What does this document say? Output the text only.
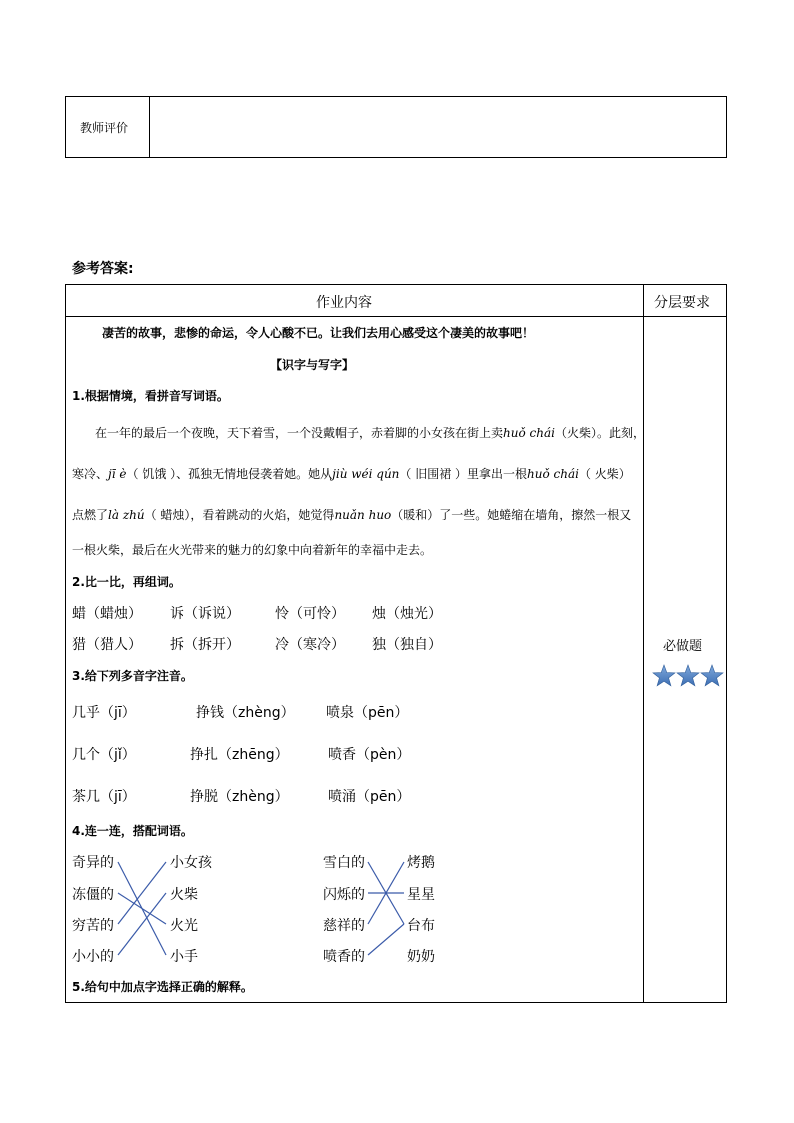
教师评价
参考答案:
作业内容	分层要求
凄苦的故事，悲惨的命运，令人心酸不已。让我们去用心感受这个凄美的故事吧！
【识字与写字】
1.根据情境，看拼音写词语。
在一年的最后一个夜晚，天下着雪，一个没戴帽子，赤着脚的小女孩在街上卖huǒ chái（火柴）。此刻，
寒冷、jī è（ 饥饿 ）、孤独无情地侵袭着她。她从jiù wéi qún（ 旧围裙 ）里拿出一根huǒ chái（ 火柴）
点燃了là zhú（ 蜡烛），看着跳动的火焰，她觉得nuǎn huo（暖和）了一些。她蜷缩在墙角，擦然一根又
一根火柴，最后在火光带来的魅力的幻象中向着新年的幸福中走去。
2.比一比，再组词。
蜡（蜡烛） 诉（诉说）	怜（可怜） 烛（烛光）
猎（猎人） 拆（拆开）	冷（寒冷） 独（独自）
3.给下列多音字注音。
几乎（jī）	挣钱（zhèng） 喷泉（pēn）
几个（jǐ）	挣扎（zhēng）	喷香（pèn）
茶几（jī）	挣脱（zhèng）	喷涌（pēn）
4.连一连，搭配词语。
奇异的
冻僵的
穷苦的
小小的
小女孩
火柴
火光
小手
雪白的
闪烁的
慈祥的
喷香的
烤鹅
星星
台布
奶奶
5.给句中加点字选择正确的解释。
必做题
